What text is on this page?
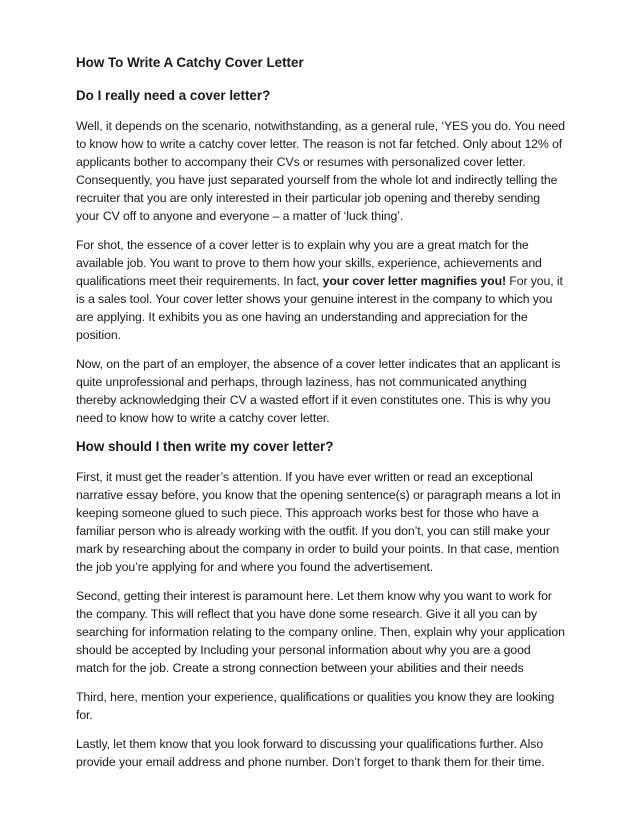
How To Write A Catchy Cover Letter
Do I really need a cover letter?

Well, it depends on the scenario, notwithstanding, as a general rule, ‘YES you do. You need to know how to write a catchy cover letter. The reason is not far fetched. Only about 12% of applicants bother to accompany their CVs or resumes with personalized cover letter. Consequently, you have just separated yourself from the whole lot and indirectly telling the recruiter that you are only interested in their particular job opening and thereby sending your CV off to anyone and everyone – a matter of ‘luck thing’.

For shot, the essence of a cover letter is to explain why you are a great match for the available job. You want to prove to them how your skills, experience, achievements and qualifications meet their requirements. In fact, your cover letter magnifies you! For you, it is a sales tool. Your cover letter shows your genuine interest in the company to which you are applying. It exhibits you as one having an understanding and appreciation for the position.

Now, on the part of an employer, the absence of a cover letter indicates that an applicant is quite unprofessional and perhaps, through laziness, has not communicated anything thereby acknowledging their CV a wasted effort if it even constitutes one. This is why you need to know how to write a catchy cover letter.

How should I then write my cover letter?

First, it must get the reader’s attention. If you have ever written or read an exceptional narrative essay before, you know that the opening sentence(s) or paragraph means a lot in keeping someone glued to such piece. This approach works best for those who have a familiar person who is already working with the outfit. If you don’t, you can still make your mark by researching about the company in order to build your points. In that case, mention the job you’re applying for and where you found the advertisement.

Second, getting their interest is paramount here. Let them know why you want to work for the company. This will reflect that you have done some research. Give it all you can by searching for information relating to the company online. Then, explain why your application should be accepted by Including your personal information about why you are a good match for the job. Create a strong connection between your abilities and their needs

Third, here, mention your experience, qualifications or qualities you know they are looking for.

Lastly, let them know that you look forward to discussing your qualifications further. Also provide your email address and phone number. Don’t forget to thank them for their time.
